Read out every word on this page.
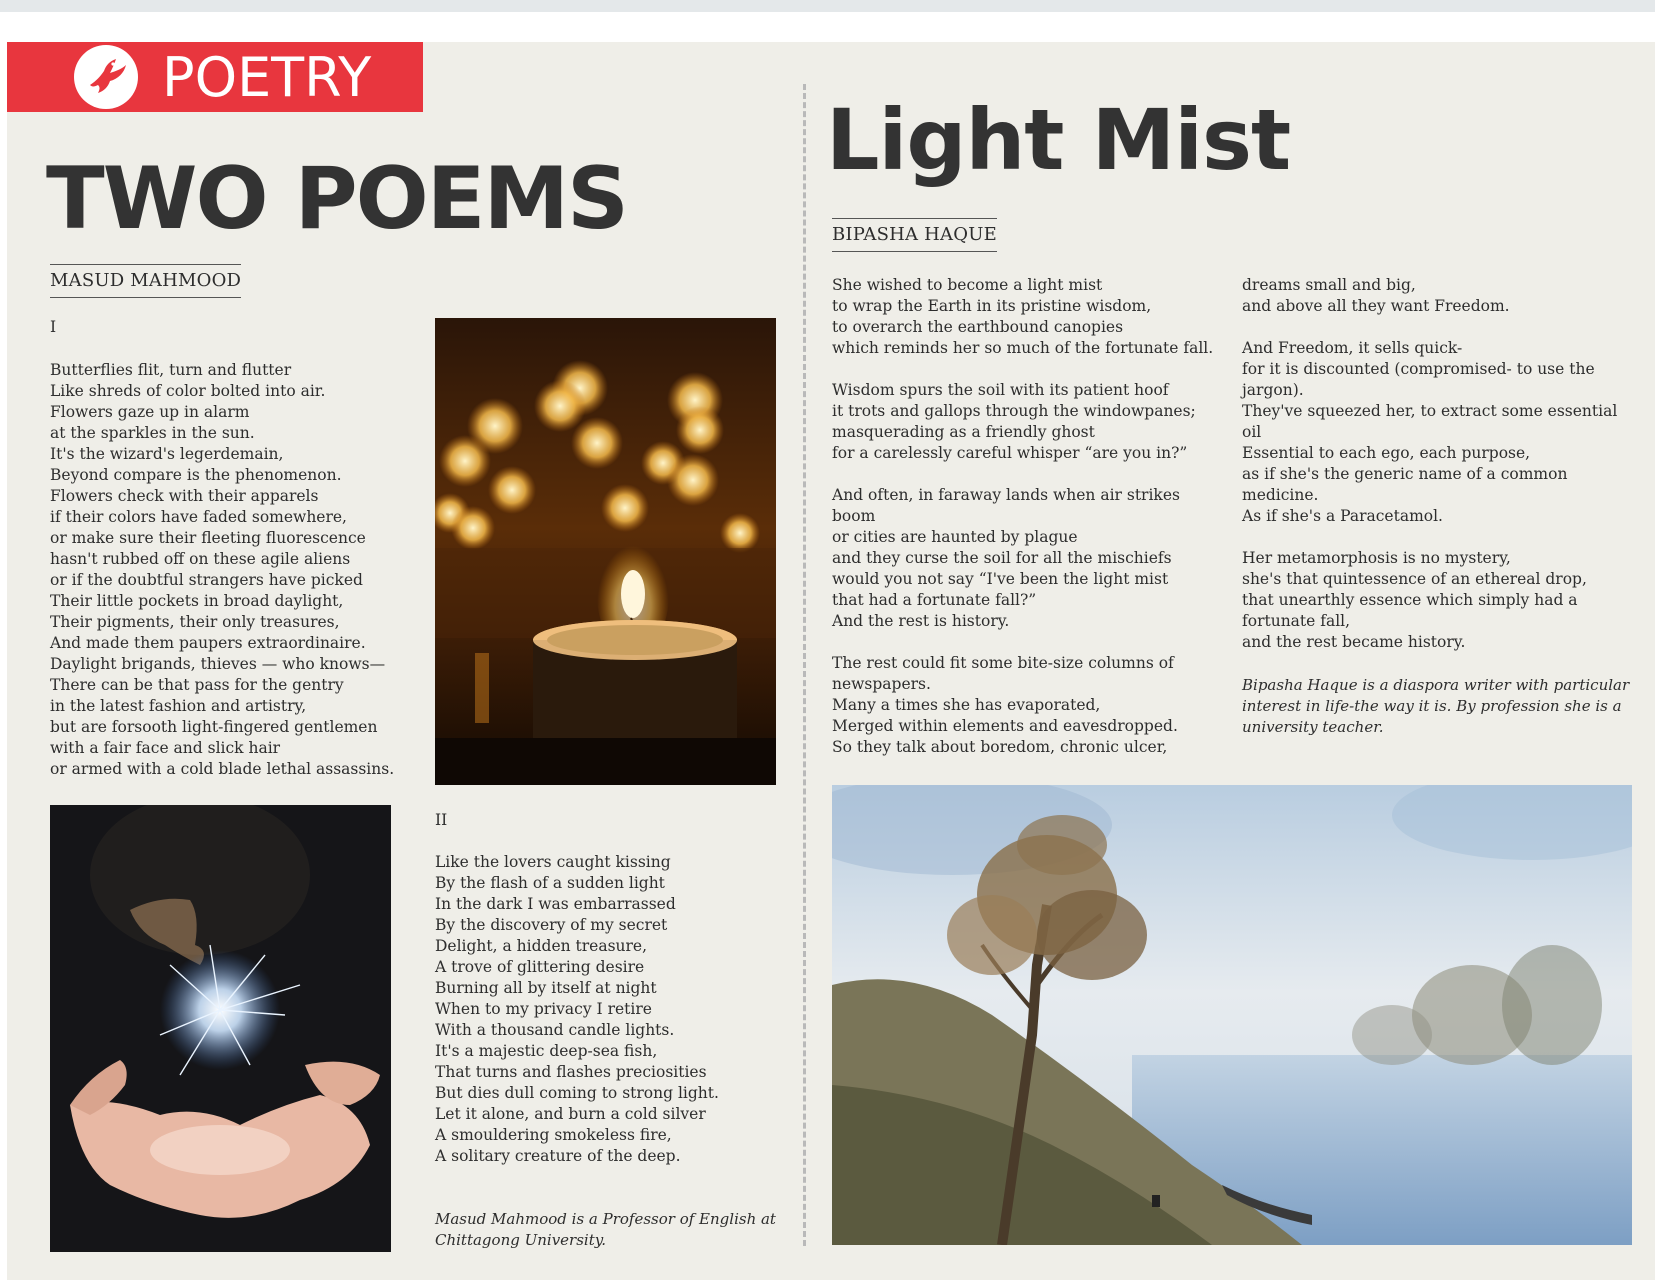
POETRY
TWO POEMS
MASUD MAHMOOD
I
Butterflies flit, turn and flutter
Like shreds of color bolted into air.
Flowers gaze up in alarm
at the sparkles in the sun.
It's the wizard's legerdemain,
Beyond compare is the phenomenon.
Flowers check with their apparels
if their colors have faded somewhere,
or make sure their fleeting fluorescence
hasn't rubbed off on these agile aliens
or if the doubtful strangers have picked
Their little pockets in broad daylight,
Their pigments, their only treasures,
And made them paupers extraordinaire.
Daylight brigands, thieves — who knows—
There can be that pass for the gentry
in the latest fashion and artistry,
but are forsooth light-fingered gentlemen
with a fair face and slick hair
or armed with a cold blade lethal assassins.
II
Like the lovers caught kissing
By the flash of a sudden light
In the dark I was embarrassed
By the discovery of my secret
Delight, a hidden treasure,
A trove of glittering desire
Burning all by itself at night
When to my privacy I retire
With a thousand candle lights.
It's a majestic deep-sea fish,
That turns and flashes preciosities
But dies dull coming to strong light.
Let it alone, and burn a cold silver
A smouldering smokeless fire,
A solitary creature of the deep.
Masud Mahmood is a Professor of English at
Chittagong University.
Light Mist
BIPASHA HAQUE
She wished to become a light mist
to wrap the Earth in its pristine wisdom,
to overarch the earthbound canopies
which reminds her so much of the fortunate fall.
Wisdom spurs the soil with its patient hoof
it trots and gallops through the windowpanes;
masquerading as a friendly ghost
for a carelessly careful whisper “are you in?”
And often, in faraway lands when air strikes
boom
or cities are haunted by plague
and they curse the soil for all the mischiefs
would you not say “I've been the light mist
that had a fortunate fall?”
And the rest is history.
The rest could fit some bite-size columns of
newspapers.
Many a times she has evaporated,
Merged within elements and eavesdropped.
So they talk about boredom, chronic ulcer,
dreams small and big,
and above all they want Freedom.
And Freedom, it sells quick-
for it is discounted (compromised- to use the
jargon).
They've squeezed her, to extract some essential
oil
Essential to each ego, each purpose,
as if she's the generic name of a common
medicine.
As if she's a Paracetamol.
Her metamorphosis is no mystery,
she's that quintessence of an ethereal drop,
that unearthly essence which simply had a
fortunate fall,
and the rest became history.
Bipasha Haque is a diaspora writer with particular
interest in life-the way it is. By profession she is a
university teacher.
